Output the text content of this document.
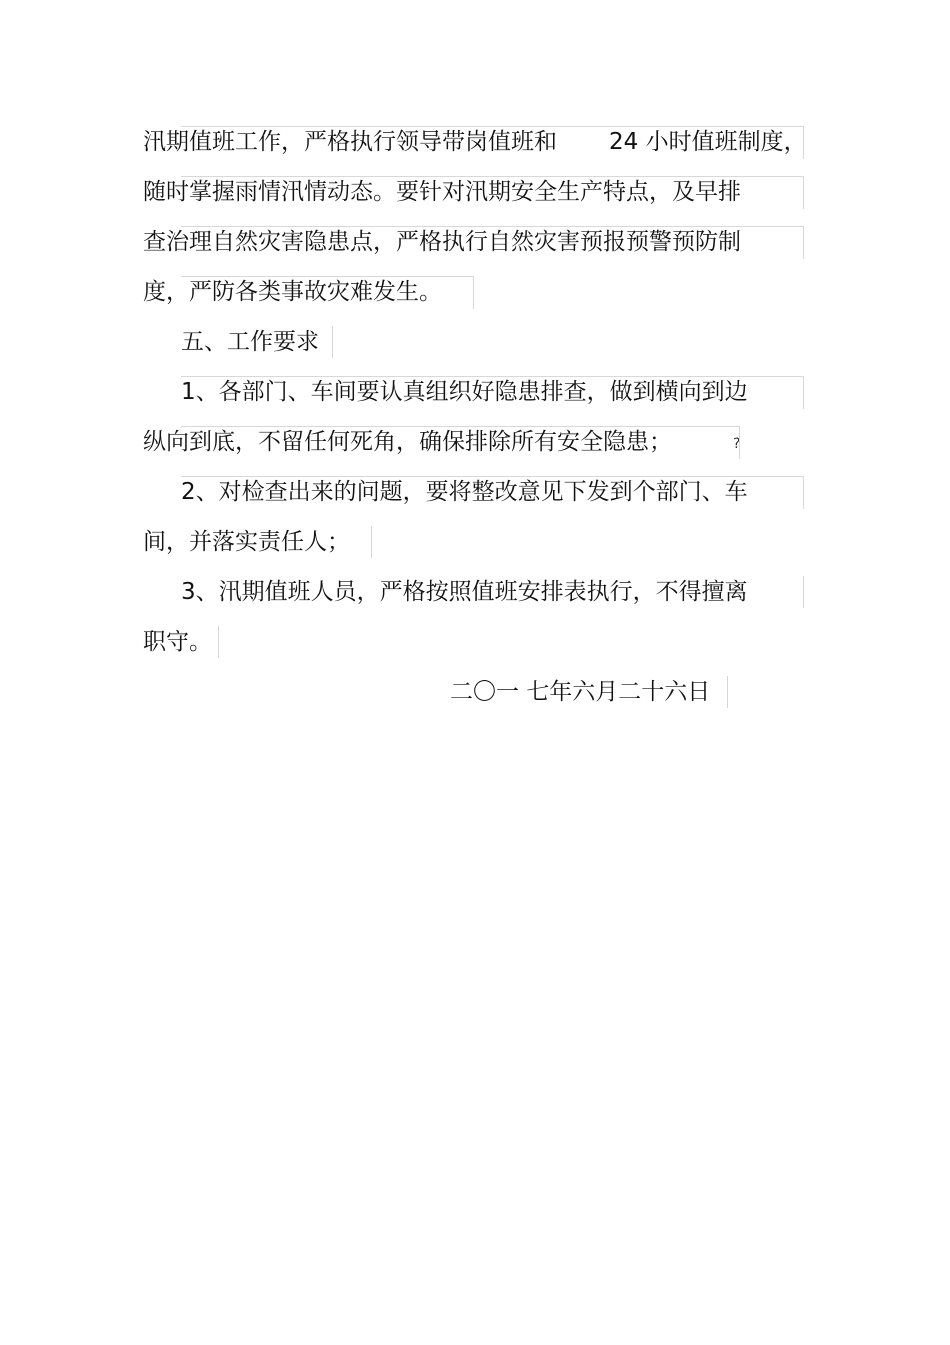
汛期值班工作，严格执行领导带岗值班和 24 小时值班制度，
随时掌握雨情汛情动态。要针对汛期安全生产特点，及早排
查治理自然灾害隐患点，严格执行自然灾害预报预警预防制
度，严防各类事故灾难发生。
五、工作要求
1、各部门、车间要认真组织好隐患排查，做到横向到边
纵向到底，不留任何死角，确保排除所有安全隐患；	?
2、对检查出来的问题，要将整改意见下发到个部门、车
间，并落实责任人；
3、汛期值班人员，严格按照值班安排表执行，不得擅离
职守。
二〇一 七年六月二十六日
